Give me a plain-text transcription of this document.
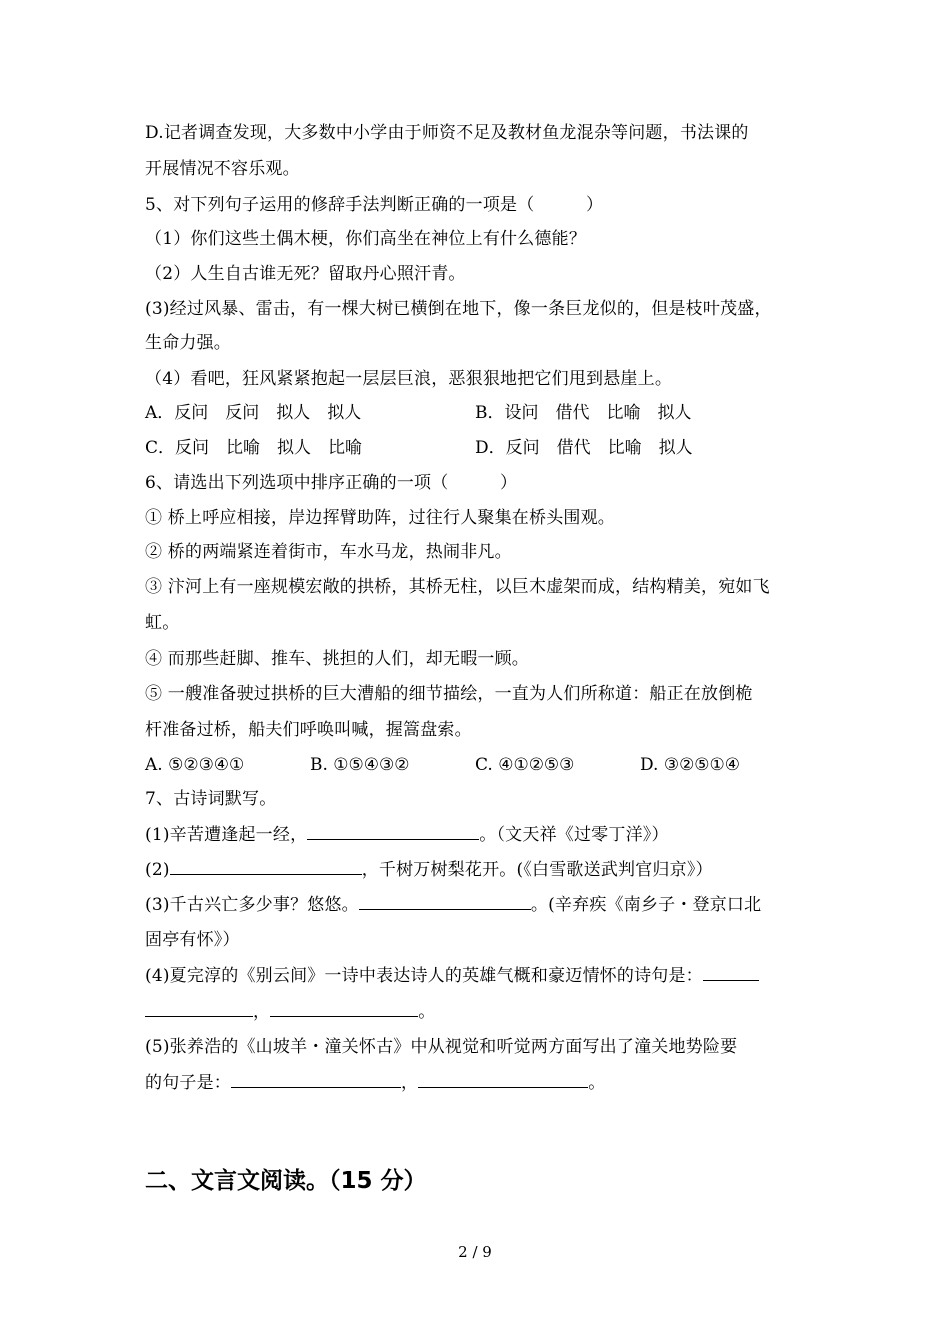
D.记者调查发现，大多数中小学由于师资不足及教材鱼龙混杂等问题，书法课的
开展情况不容乐观。
5、对下列句子运用的修辞手法判断正确的一项是（　　　）
（1）你们这些土偶木梗，你们高坐在神位上有什么德能？
（2）人生自古谁无死？留取丹心照汗青。
(3)经过风暴、雷击，有一棵大树已横倒在地下，像一条巨龙似的，但是枝叶茂盛，
生命力强。
（4）看吧，狂风紧紧抱起一层层巨浪，恶狠狠地把它们甩到悬崖上。
A．反问　反问　拟人　拟人	B．设问　借代　比喻　拟人
C．反问　比喻　拟人　比喻	D．反问　借代　比喻　拟人
6、请选出下列选项中排序正确的一项（　　　）
① 桥上呼应相接，岸边挥臂助阵，过往行人聚集在桥头围观。
② 桥的两端紧连着街市，车水马龙，热闹非凡。
③ 汴河上有一座规模宏敞的拱桥，其桥无柱，以巨木虚架而成，结构精美，宛如飞
虹。
④ 而那些赶脚、推车、挑担的人们，却无暇一顾。
⑤ 一艘准备驶过拱桥的巨大漕船的细节描绘，一直为人们所称道：船正在放倒桅
杆准备过桥，船夫们呼唤叫喊，握篙盘索。
A. ⑤②③④①	B. ①⑤④③②	C. ④①②⑤③	D. ③②⑤①④
7、古诗词默写。
(1)辛苦遭逢起一经，	。（文天祥《过零丁洋》）
(2)	，千树万树梨花开。(《白雪歌送武判官归京》）
(3)千古兴亡多少事？悠悠。	。(辛弃疾《南乡子・登京口北
固亭有怀》）
(4)夏完淳的《别云间》一诗中表达诗人的英雄气概和豪迈情怀的诗句是：
，	。
(5)张养浩的《山坡羊・潼关怀古》中从视觉和听觉两方面写出了潼关地势险要
的句子是：	，	。
二、文言文阅读。（15 分）
2 / 9
